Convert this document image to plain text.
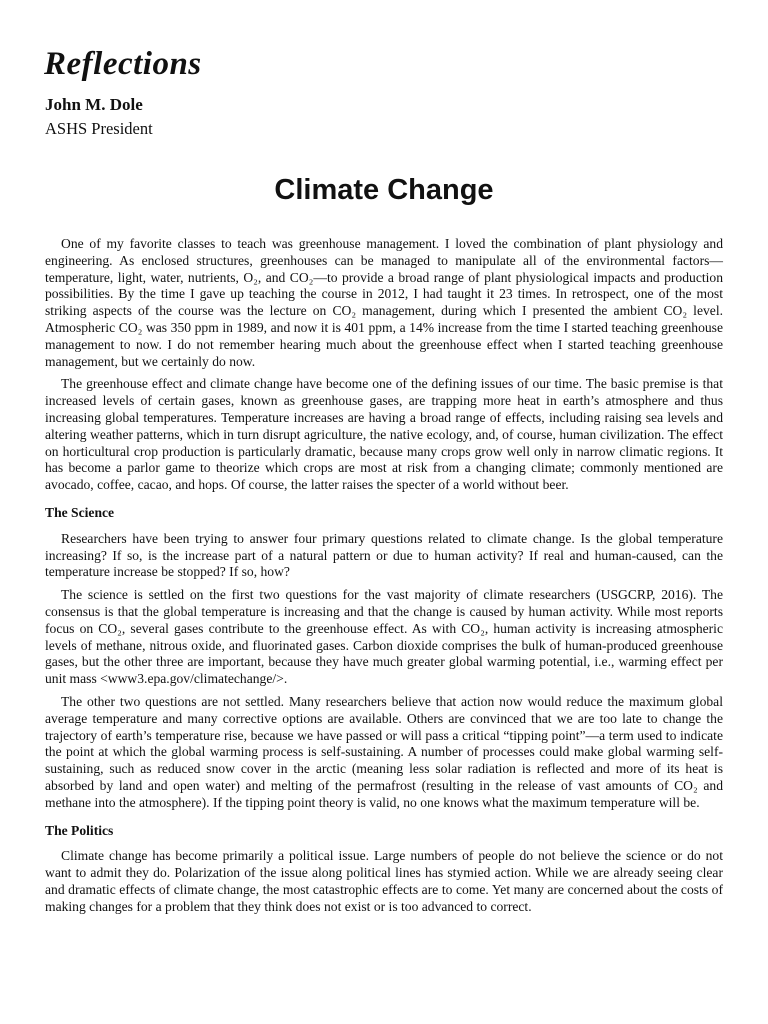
Reflections
John M. Dole
ASHS President
Climate Change

One of my favorite classes to teach was greenhouse management. I loved the combination of plant physiology and engineering. As enclosed structures, greenhouses can be managed to manipulate all of the environmental factors—temperature, light, water, nutrients, O₂, and CO₂—to provide a broad range of plant physiological impacts and production possibilities. By the time I gave up teaching the course in 2012, I had taught it 23 times. In retrospect, one of the most striking aspects of the course was the lecture on CO₂ management, during which I presented the ambient CO₂ level. Atmospheric CO₂ was 350 ppm in 1989, and now it is 401 ppm, a 14% increase from the time I started teaching greenhouse management to now. I do not remember hearing much about the greenhouse effect when I started teaching greenhouse management, but we certainly do now.

The greenhouse effect and climate change have become one of the defining issues of our time. The basic premise is that increased levels of certain gases, known as greenhouse gases, are trapping more heat in earth’s atmosphere and thus increasing global temperatures. Temperature increases are having a broad range of effects, including raising sea levels and altering weather patterns, which in turn disrupt agriculture, the native ecology, and, of course, human civilization. The effect on horticultural crop production is particularly dramatic, because many crops grow well only in narrow climatic regions. It has become a parlor game to theorize which crops are most at risk from a changing climate; commonly mentioned are avocado, coffee, cacao, and hops. Of course, the latter raises the specter of a world without beer.

The Science

Researchers have been trying to answer four primary questions related to climate change. Is the global temperature increasing? If so, is the increase part of a natural pattern or due to human activity? If real and human-caused, can the temperature increase be stopped? If so, how?

The science is settled on the first two questions for the vast majority of climate researchers (USGCRP, 2016). The consensus is that the global temperature is increasing and that the change is caused by human activity. While most reports focus on CO₂, several gases contribute to the greenhouse effect. As with CO₂, human activity is increasing atmospheric levels of methane, nitrous oxide, and fluorinated gases. Carbon dioxide comprises the bulk of human-produced greenhouse gases, but the other three are important, because they have much greater global warming potential, i.e., warming effect per unit mass <www3.epa.gov/climatechange/>.

The other two questions are not settled. Many researchers believe that action now would reduce the maximum global average temperature and many corrective options are available. Others are convinced that we are too late to change the trajectory of earth’s temperature rise, because we have passed or will pass a critical “tipping point”—a term used to indicate the point at which the global warming process is self-sustaining. A number of processes could make global warming self-sustaining, such as reduced snow cover in the arctic (meaning less solar radiation is reflected and more of its heat is absorbed by land and open water) and melting of the permafrost (resulting in the release of vast amounts of CO₂ and methane into the atmosphere). If the tipping point theory is valid, no one knows what the maximum temperature will be.

The Politics

Climate change has become primarily a political issue. Large numbers of people do not believe the science or do not want to admit they do. Polarization of the issue along political lines has stymied action. While we are already seeing clear and dramatic effects of climate change, the most catastrophic effects are to come. Yet many are concerned about the costs of making changes for a problem that they think does not exist or is too advanced to correct.
